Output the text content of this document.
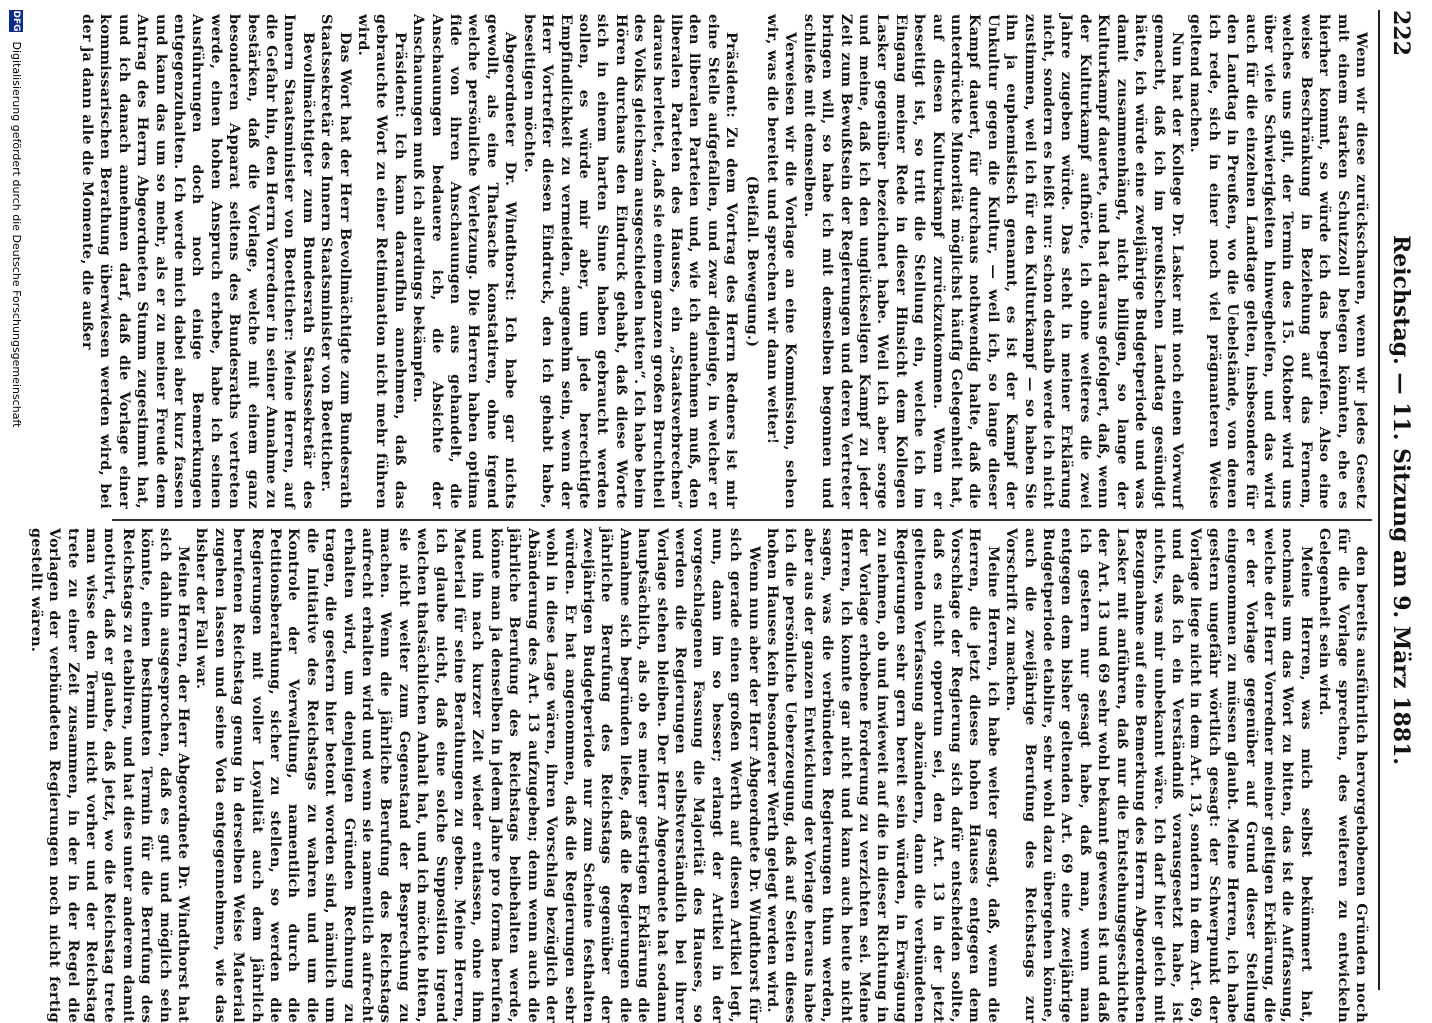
222
Reichstag. — 11. Sitzung am 9. März 1881.

Wenn wir diese zurückschauen, wenn wir jedes Gesetz mit einem starken Schutzzoll belegen könnten, ehe es hierher kommt, so würde ich das begreifen. Also eine weise Beschränkung in Beziehung auf das Fernem, welches uns gilt, der Termin des 15. Oktober wird uns über viele Schwierigkeiten hinweghelfen, und das wird auch für die einzelnen Landtage gelten, insbesondere für den Landtag in Preußen, wo die Uebelstände, von denen ich rede, sich in einer noch viel prägnanteren Weise geltend machen.

Nun hat der Kollege Dr. Lasker mit noch einen Vorwurf gemacht, daß ich im preußischen Landtag gesündigt hätte, ich würde eine zweijährige Budgetperiode und was damit zusammenhängt, nicht billigen, so lange der Kulturkampf dauerte, und hat daraus gefolgert, daß, wenn der Kulturkampf aufhörte, ich ohne weiteres die zwei Jahre zugeben würde. Das steht in meiner Erklärung nicht, sondern es heißt nur: schon deshalb werde ich nicht zustimmen, weil ich für den Kulturkampf — so haben Sie ihn ja euphemistisch genannt, es ist der Kampf der Unkultur gegen die Kultur, — weil ich, so lange dieser Kampf dauert, für durchaus nothwendig halte, daß die unterdrückte Minorität möglichst häufig Gelegenheit hat, auf diesen Kulturkampf zurückzukommen. Wenn er beseitigt ist, so tritt die Stellung ein, welche ich im Eingang meiner Rede in dieser Hinsicht dem Kollegen Lasker gegenüber bezeichnet habe. Weil ich aber sorge und meine, daß ich den unglückseligen Kampf zu jeder Zeit zum Bewußtsein der Regierungen und deren Vertreter bringen will, so habe ich mit demselben begonnen und schließe mit demselben.

Verweisen wir die Vorlage an eine Kommission, sehen wir, was die bereitet und sprechen wir dann weiter!

(Beifall. Bewegung.)

Präsident: Zu dem Vortrag des Herrn Redners ist mir eine Stelle aufgefallen, und zwar diejenige, in welcher er den liberalen Parteien und, wie ich annehmen muß, den liberalen Parteien des Hauses, ein „Staatsverbrechen“ daraus herleitet, „daß sie einem ganzen großen Bruchtheil des Volks gleichsam ausgeschieden hatten“. Ich habe beim Hören durchaus den Eindruck gehabt, daß diese Worte sich in einem harten Sinne haben gebraucht werden sollen, es würde mir aber, um jede berechtigte Empfindlichkeit zu vermeiden, angenehm sein, wenn der Herr Vortreffer diesen Eindruck, den ich gehabt habe, beseitigen möchte.

Abgeordneter Dr. Windthorst: Ich habe gar nichts gewollt, als eine Thatsache konstatiren, ohne irgend welche persönliche Verletzung. Die Herren haben optima fide von ihren Anschauungen aus gehandelt, die Anschauungen bedauere ich, die Absichte der Anschauungen muß ich allerdings bekämpfen.

Präsident: Ich kann daraufhin annehmen, daß das gebrauchte Wort zu einer Retimination nicht mehr führen wird.

Das Wort hat der Herr Bevollmächtigte zum Bundesrath Staatssekretär des Innern Staatsminister von Boetticher.

Bevollmächtigter zum Bundesrath Staatssekretär des Innern Staatsminister von Boetticher: Meine Herren, auf die Gefahr hin, den Herrn Vorredner in seiner Annahme zu bestärken, daß die Vorlage, welche mit einem ganz besonderen Apparat seitens des Bundesraths vertreten werde, einen hohen Anspruch erhebe, habe ich seinen Ausführungen doch noch einige Bemerkungen entgegenzuhalten. Ich werde mich dabei aber kurz fassen und kann das um so mehr, als er zu meiner Freude dem Antrag des Herrn Abgeordneten Stumm zugestimmt hat, und ich danach annehmen darf, daß die Vorlage einer kommissarischen Berathung überwiesen werden wird, bei der ja dann alle die Momente, die außer

den bereits ausführlich hervorgehobenen Gründen noch für die Vorlage sprechen, des weiteren zu entwickeln Gelegenheit sein wird.

Meine Herren, was mich selbst bekümmert hat, nochmals um das Wort zu bitten, das ist die Auffassung, welche der Herr Vorredner meiner geltigen Erklärung, die er der Vorlage gegenüber auf Grund dieser Stellung eingenommen zu müssen glaubt. Meine Herren, ich habe gestern ungefähr wörtlich gesagt: der Schwerpunkt der Vorlage liege nicht in dem Art. 13, sondern in dem Art. 69, und daß ich ein Verständniß vorausgesetzt habe, ist nichts, was mir unbekannt wäre. Ich darf hier gleich mit Bezugnahme auf eine Bemerkung des Herrn Abgeordneten Lasker mit anführen, daß nur die Entstehungsgeschichte der Art. 13 und 69 sehr wohl bekannt gewesen ist und daß ich gestern nur gesagt habe, daß man, wenn man entgegen dem bisher geltenden Art. 69 eine zweijährige Budgetperiode etablire, sehr wohl dazu übergehen könne, auch die zweijährige Berufung des Reichstags zur Vorschrift zu machen.

Meine Herren, ich habe weiter gesagt, daß, wenn die Herren, die jetzt dieses hohen Hauses entgegen dem Vorschlage der Regierung sich dafür entscheiden sollte, daß es nicht opportun sei, den Art. 13 in der jetzt geltenden Verfassung abzuändern, dann die verbündeten Regierungen sehr gern bereit sein würden, in Erwägung zu nehmen, ob und inwieweit auf die in dieser Richtung in der Vorlage erhobene Forderung zu verzichten sei. Meine Herren, ich konnte gar nicht und kann auch heute nicht sagen, was die verbündeten Regierungen thun werden, aber aus der ganzen Entwicklung der Vorlage heraus habe ich die persönliche Ueberzeugung, daß auf Seiten dieses hohen Hauses kein besonderer Werth gelegt werden wird.

Wenn nun aber der Herr Abgeordnete Dr. Windthorst für sich gerade einen großen Werth auf diesen Artikel legt, nun, dann im so besser; erlangt der Artikel in der vorgeschlagenen Fassung die Majorität des Hauses, so werden die Regierungen selbstverständlich bei ihrer Vorlage stehen bleiben. Der Herr Abgeordnete hat sodann hauptsächlich, als ob es meiner gestrigen Erklärung die Annahme sich begründen ließe, daß die Regierungen die jährliche Berufung des Reichstags gegenüber der zweijährigen Budgetperiode nur zum Scheine festhalten würden. Er hat angenommen, daß die Regierungen sehr wohl in diese Lage wären, ihren Vorschlag bezüglich der Abänderung des Art. 13 aufzugeben; denn wenn auch die jährliche Berufung des Reichstags beibehalten werde, könne man ja denselben in jedem Jahre pro forma berufen und ihn nach kurzer Zeit wieder entlassen, ohne ihm Material für seine Berathungen zu geben. Meine Herren, ich glaube nicht, daß eine solche Supposition irgend welchen thatsächlichen Anhalt hat, und ich möchte bitten, sie nicht weiter zum Gegenstand der Besprechung zu machen. Wenn die jährliche Berufung des Reichstags aufrecht erhalten wird und wenn sie namentlich aufrecht erhalten wird, um denjenigen Gründen Rechnung zu tragen, die gestern hier betont worden sind, nämlich um die Initiative des Reichstags zu wahren und um die Kontrole der Verwaltung, namentlich durch die Petitionsberathung, sicher zu stellen, so werden die Regierungen mit voller Loyalität auch dem jährlich berufenen Reichstag genug in derselben Weise Material zugehen lassen und seine Vota entgegennehmen, wie das bisher der Fall war.

Meine Herren, der Herr Abgeordnete Dr. Windthorst hat sich dahin ausgesprochen, daß es gut und möglich sein könnte, einen bestimmten Termin für die Berufung des Reichstags zu etabliren, und hat dies unter anderem damit motivirt, daß er glaube, daß jetzt, wo die Reichstag trete man wisse den Termin nicht vorher und der Reichstag trete zu einer Zeit zusammen, in der in der Regel die Vorlagen der verbündeten Regierungen noch nicht fertig gestellt wären.

DFG Digitalisierung gefördert durch die Deutsche Forschungsgemeinschaft
